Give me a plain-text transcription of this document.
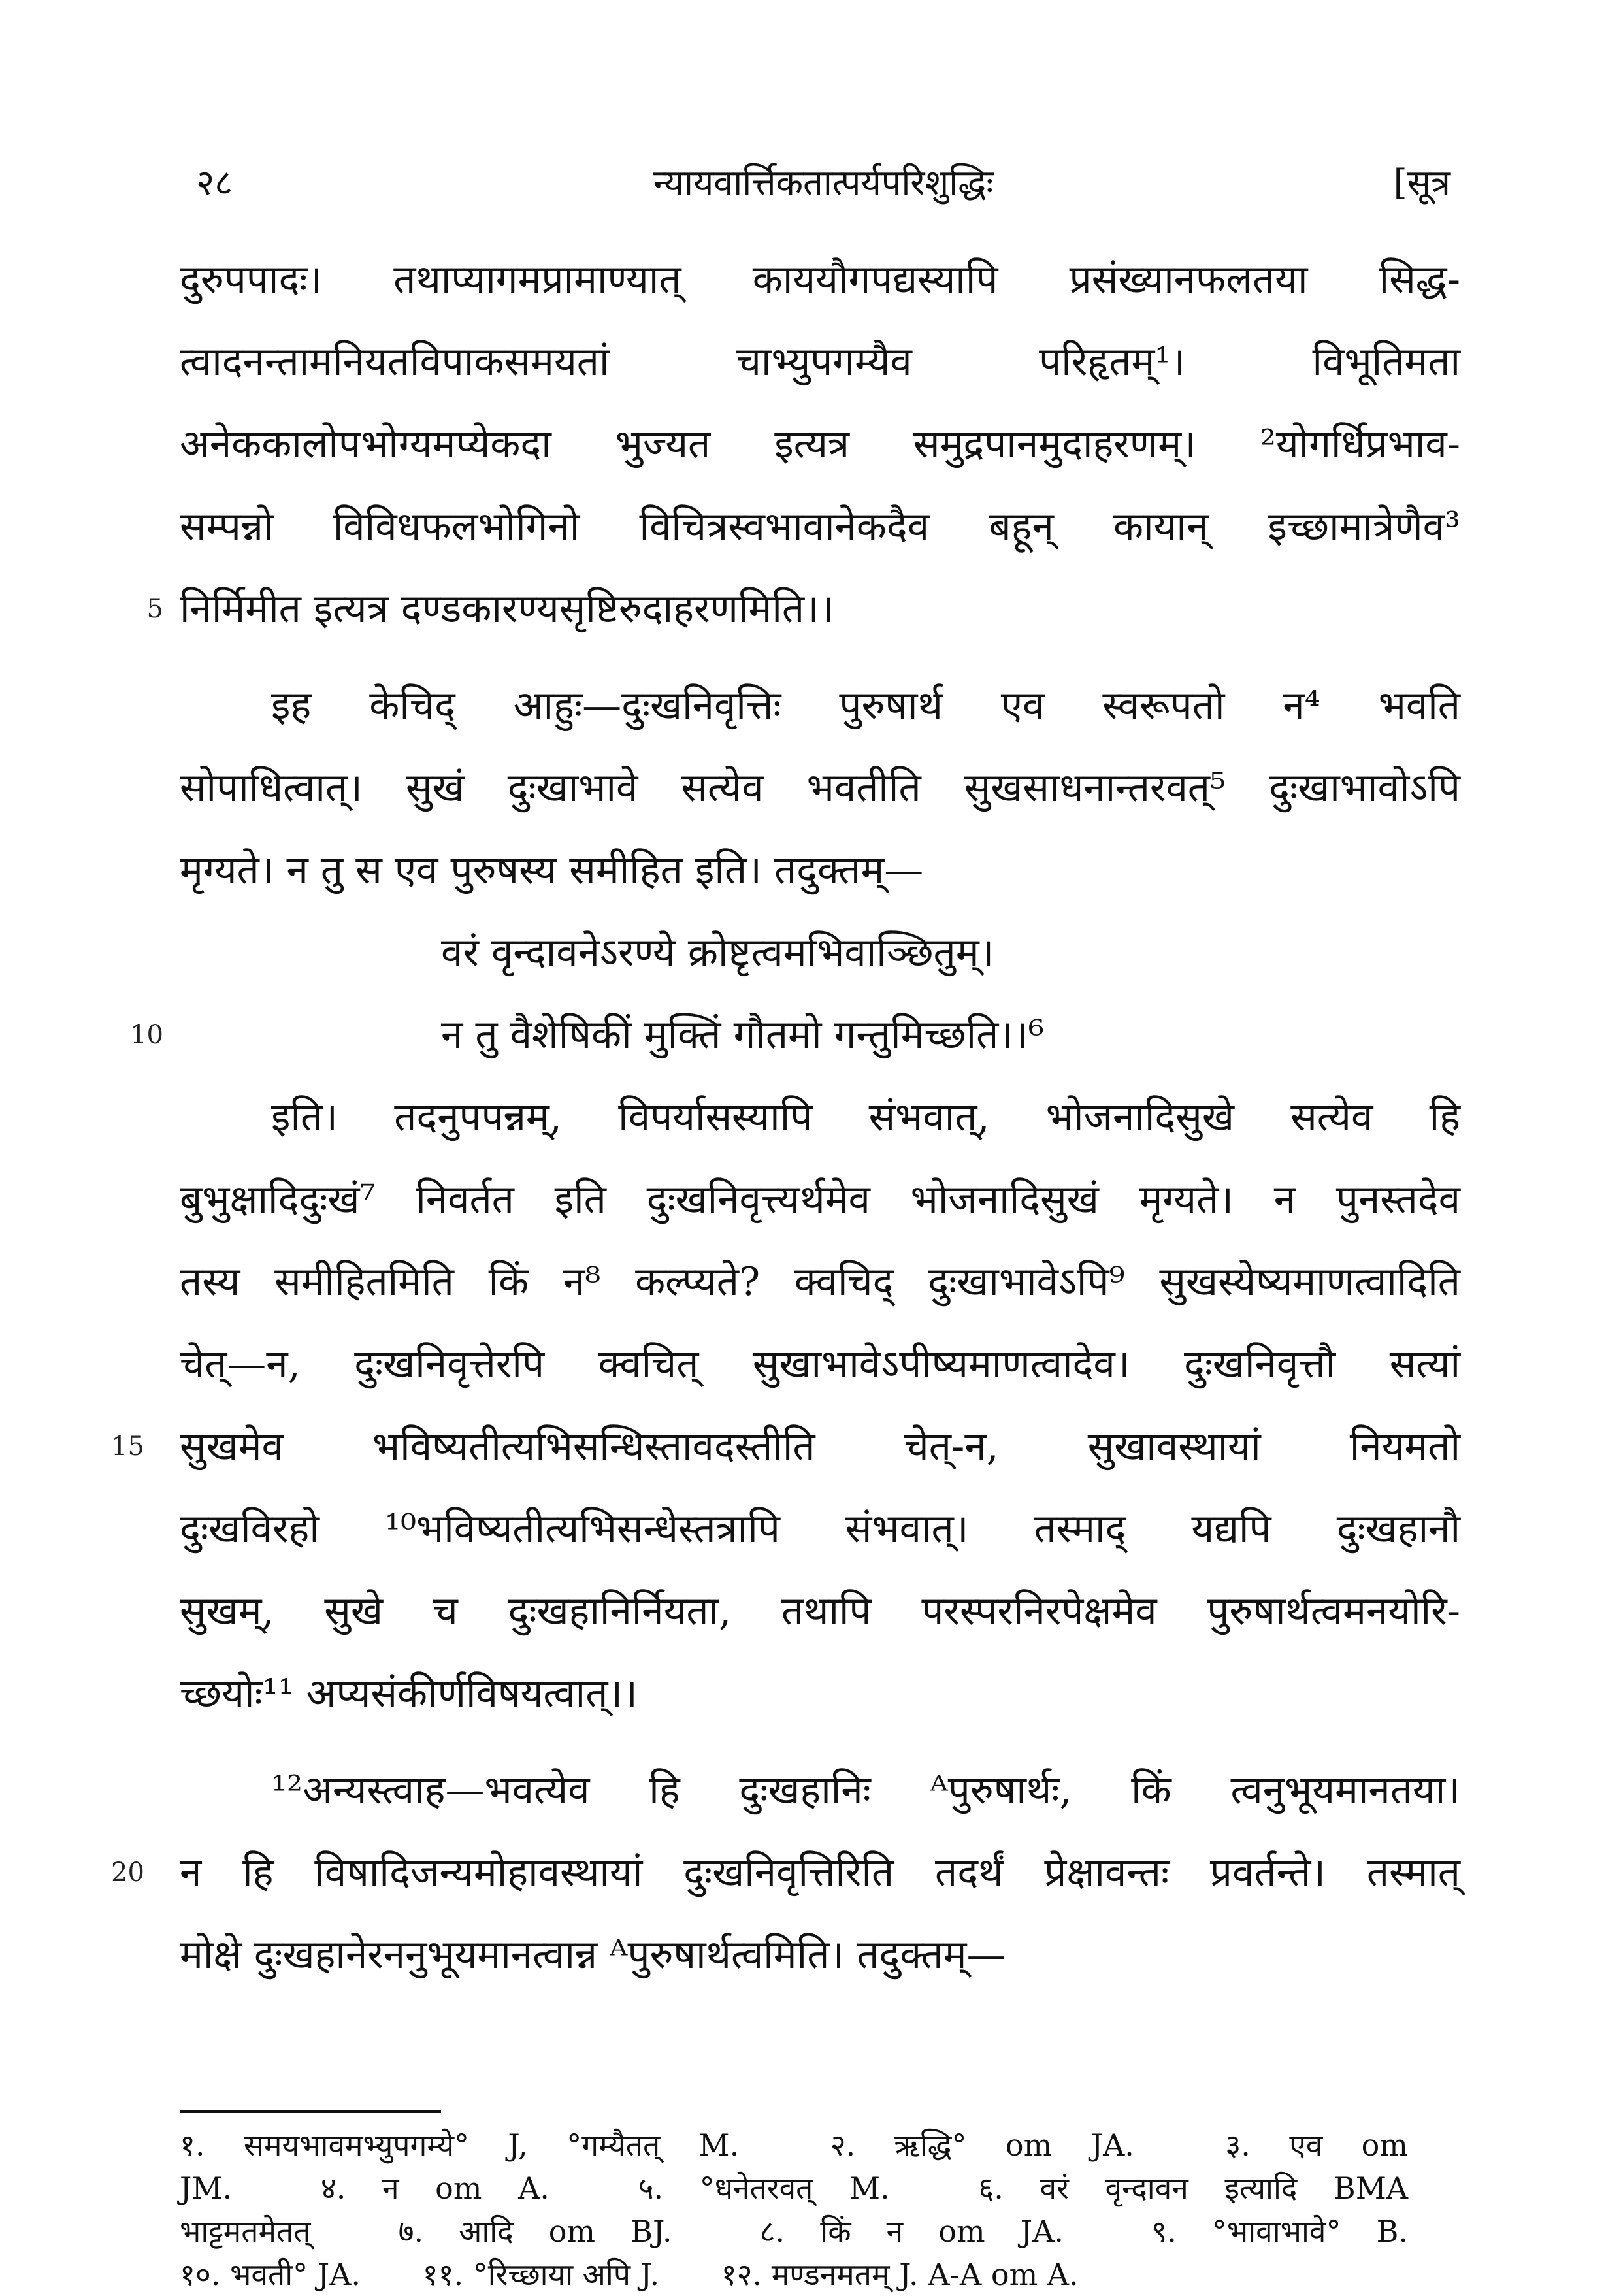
२८	न्यायवार्त्तिकतात्पर्यपरिशुद्धिः	[सूत्र
दुरुपपादः। तथाप्यागमप्रामाण्यात् काययौगपद्यस्यापि प्रसंख्यानफलतया सिद्ध-
त्वादनन्तामनियतविपाकसमयतां चाभ्युपगम्यैव परिहृतम्¹। विभूतिमता
अनेककालोपभोग्यमप्येकदा भुज्यत इत्यत्र समुद्रपानमुदाहरणम्। ²योगर्धिप्रभाव-
सम्पन्नो विविधफलभोगिनो विचित्रस्वभावानेकदैव बहून् कायान् इच्छामात्रेणैव³
निर्मिमीत इत्यत्र दण्डकारण्यसृष्टिरुदाहरणमिति।।
5
इह केचिद् आहुः—दुःखनिवृत्तिः पुरुषार्थ एव स्वरूपतो न⁴ भवति
सोपाधित्वात्। सुखं दुःखाभावे सत्येव भवतीति सुखसाधनान्तरवत्⁵ दुःखाभावोऽपि
मृग्यते। न तु स एव पुरुषस्य समीहित इति। तदुक्तम्—
वरं वृन्दावनेऽरण्ये क्रोष्टृत्वमभिवाञ्छितुम्।
न तु वैशेषिकीं मुक्तिं गौतमो गन्तुमिच्छति।।⁶
10
इति। तदनुपपन्नम्, विपर्यासस्यापि संभवात्, भोजनादिसुखे सत्येव हि
बुभुक्षादिदुःखं⁷ निवर्तत इति दुःखनिवृत्त्यर्थमेव भोजनादिसुखं मृग्यते। न पुनस्तदेव
तस्य समीहितमिति किं न⁸ कल्प्यते? क्वचिद् दुःखाभावेऽपि⁹ सुखस्येष्यमाणत्वादिति
चेत्—न, दुःखनिवृत्तेरपि क्वचित् सुखाभावेऽपीष्यमाणत्वादेव। दुःखनिवृत्तौ सत्यां
सुखमेव भविष्यतीत्यभिसन्धिस्तावदस्तीति चेत्-न, सुखावस्थायां नियमतो
15
दुःखविरहो ¹⁰भविष्यतीत्यभिसन्धेस्तत्रापि संभवात्। तस्माद् यद्यपि दुःखहानौ
सुखम्, सुखे च दुःखहानिर्नियता, तथापि परस्परनिरपेक्षमेव पुरुषार्थत्वमनयोरि-
च्छयोः¹¹ अप्यसंकीर्णविषयत्वात्।।
¹²अन्यस्त्वाह—भवत्येव हि दुःखहानिः ᴬपुरुषार्थः, किं त्वनुभूयमानतया।
न हि विषादिजन्यमोहावस्थायां दुःखनिवृत्तिरिति तदर्थं प्रेक्षावन्तः प्रवर्तन्ते। तस्मात्
20
मोक्षे दुःखहानेरननुभूयमानत्वान्न ᴬपुरुषार्थत्वमिति। तदुक्तम्—
१. समयभावमभ्युपगम्ये° J, °गम्यैतत् M.	२. ऋद्धि° om JA.	३. एव om
JM.	४. न om A.	५. °धनेतरवत् M.	६. वरं वृन्दावन इत्यादि BMA
भाट्टमतमेतत्	७. आदि om BJ.	८. किं न om JA.	९. °भावाभावे° B.
१०. भवती° JA. ११. °रिच्छाया अपि J. १२. मण्डनमतम् J. A-A om A.
